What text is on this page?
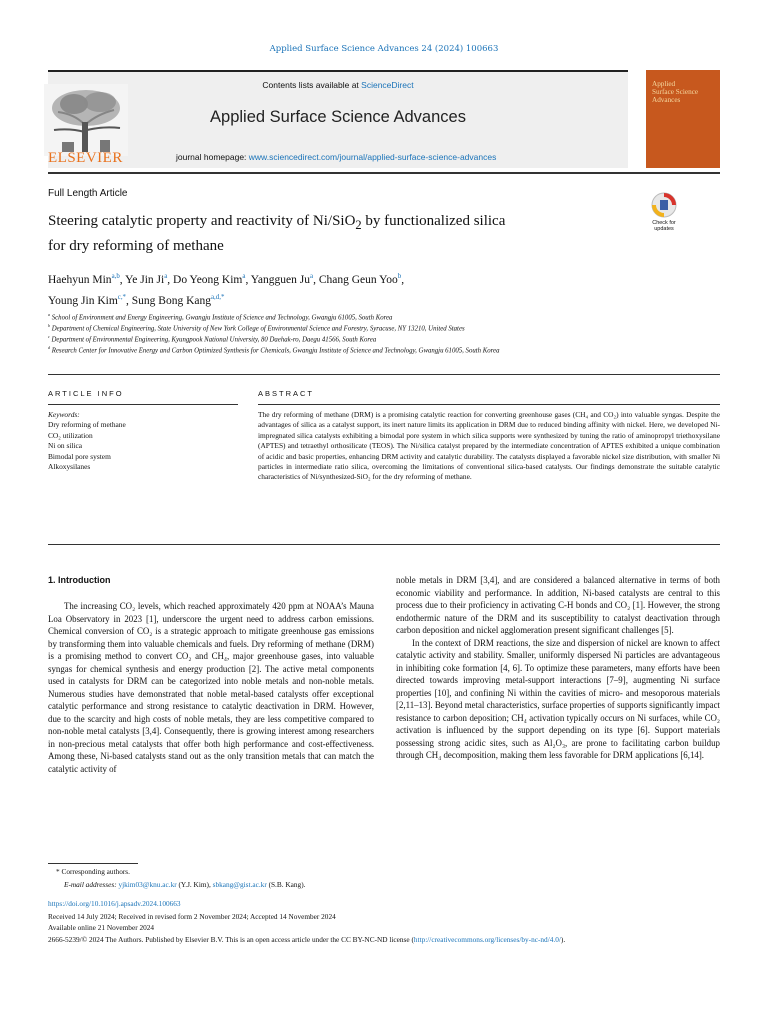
Applied Surface Science Advances 24 (2024) 100663
ELSEVIER
Contents lists available at ScienceDirect
Applied Surface Science Advances
journal homepage: www.sciencedirect.com/journal/applied-surface-science-advances
Applied
Surface Science
Advances
Full Length Article
Steering catalytic property and reactivity of Ni/SiO$_2$ by functionalized silica
for dry reforming of methane
Check for
updates
Haehyun Min$^{a,b}$, Ye Jin Ji$^a$, Do Yeong Kim$^a$, Yangguen Ju$^a$, Chang Geun Yoo$^b$,
Young Jin Kim$^{c,*}$, Sung Bong Kang$^{a,d,*}$
$^a$ School of Environment and Energy Engineering, Gwangju Institute of Science and Technology, Gwangju 61005, South Korea
$^b$ Department of Chemical Engineering, State University of New York College of Environmental Science and Forestry, Syracuse, NY 13210, United States
$^c$ Department of Environmental Engineering, Kyungpook National University, 80 Daehak-ro, Daegu 41566, South Korea
$^d$ Research Center for Innovative Energy and Carbon Optimized Synthesis for Chemicals, Gwangju Institute of Science and Technology, Gwangju 61005, South Korea
ARTICLE INFO	ABSTRACT
Keywords:
Dry reforming of methane
CO₂ utilization
Ni on silica
Bimodal pore system
Alkoxysilanes
The dry reforming of methane (DRM) is a promising catalytic reaction for converting greenhouse gases (CH₄ and CO₂) into valuable syngas. Despite the advantages of silica as a catalyst support, its inert nature limits its application in DRM due to reduced binding affinity with nickel. Here, we developed Ni-impregnated silica catalysts exhibiting a bimodal pore system in which silica supports were synthesized by tuning the ratio of aminopropyl triethoxysilane (APTES) and tetraethyl orthosilicate (TEOS). The Ni/silica catalyst prepared by the intermediate concentration of APTES exhibited a unique combination of acidic and basic properties, enhancing DRM activity and catalytic durability. The catalysts displayed a favorable nickel size distribution, with smaller Ni particles in intermediate ratio silica, overcoming the limitations of conventional silica-based catalysts. Our findings demonstrate the suitable catalytic characteristics of Ni/synthesized-SiO₂ for the dry reforming of methane.
1. Introduction

The increasing CO₂ levels, which reached approximately 420 ppm at NOAA’s Mauna Loa Observatory in 2023 [1], underscore the urgent need to address carbon emissions. Chemical conversion of CO₂ is a strategic approach to mitigate greenhouse gas emissions by transforming them into valuable chemicals and fuels. Dry reforming of methane (DRM) is a promising method to convert CO₂ and CH₄, major greenhouse gases, into valuable syngas for chemical synthesis and energy production [2]. The active metal components used in catalysts for DRM can be categorized into noble metals and non-noble metals. Numerous studies have demonstrated that noble metal-based catalysts offer exceptional catalytic performance and strong resistance to catalytic deactivation in DRM. However, due to the scarcity and high costs of noble metals, they are less competitive compared to non-noble metal catalysts [3,4]. Consequently, there is growing interest among researchers in non-precious metal catalysts that offer both high performance and cost-effectiveness. Among these, Ni-based catalysts stand out as the only transition metals that can match the catalytic activity of

noble metals in DRM [3,4], and are considered a balanced alternative in terms of both economic viability and performance. In addition, Ni-based catalysts are central to this process due to their proficiency in activating C-H bonds and CO₂ [1]. However, the strong endothermic nature of the DRM and its susceptibility to catalyst deactivation through carbon deposition and nickel agglomeration present significant challenges [5].

In the context of DRM reactions, the size and dispersion of nickel are known to affect catalytic activity and stability. Smaller, uniformly dispersed Ni particles are advantageous in inhibiting coke formation [4, 6]. To optimize these parameters, many efforts have been directed towards improving metal-support interactions [7–9], augmenting Ni surface properties [10], and confining Ni within the cavities of micro- and mesoporous materials [2,11–13]. Beyond metal characteristics, surface properties of supports significantly impact resistance to carbon deposition; CH₄ activation typically occurs on Ni surfaces, while CO₂ activation is influenced by the support depending on its type [6]. Support materials possessing strong acidic sites, such as Al₂O₃, are prone to facilitating carbon buildup through CH₄ decomposition, making them less favorable for DRM applications [6,14].

* Corresponding authors.
E-mail addresses: yjkim03@knu.ac.kr (Y.J. Kim), sbkang@gist.ac.kr (S.B. Kang).
https://doi.org/10.1016/j.apsadv.2024.100663
Received 14 July 2024; Received in revised form 2 November 2024; Accepted 14 November 2024
Available online 21 November 2024
2666-5239/© 2024 The Authors. Published by Elsevier B.V. This is an open access article under the CC BY-NC-ND license (http://creativecommons.org/licenses/by-nc-nd/4.0/).
